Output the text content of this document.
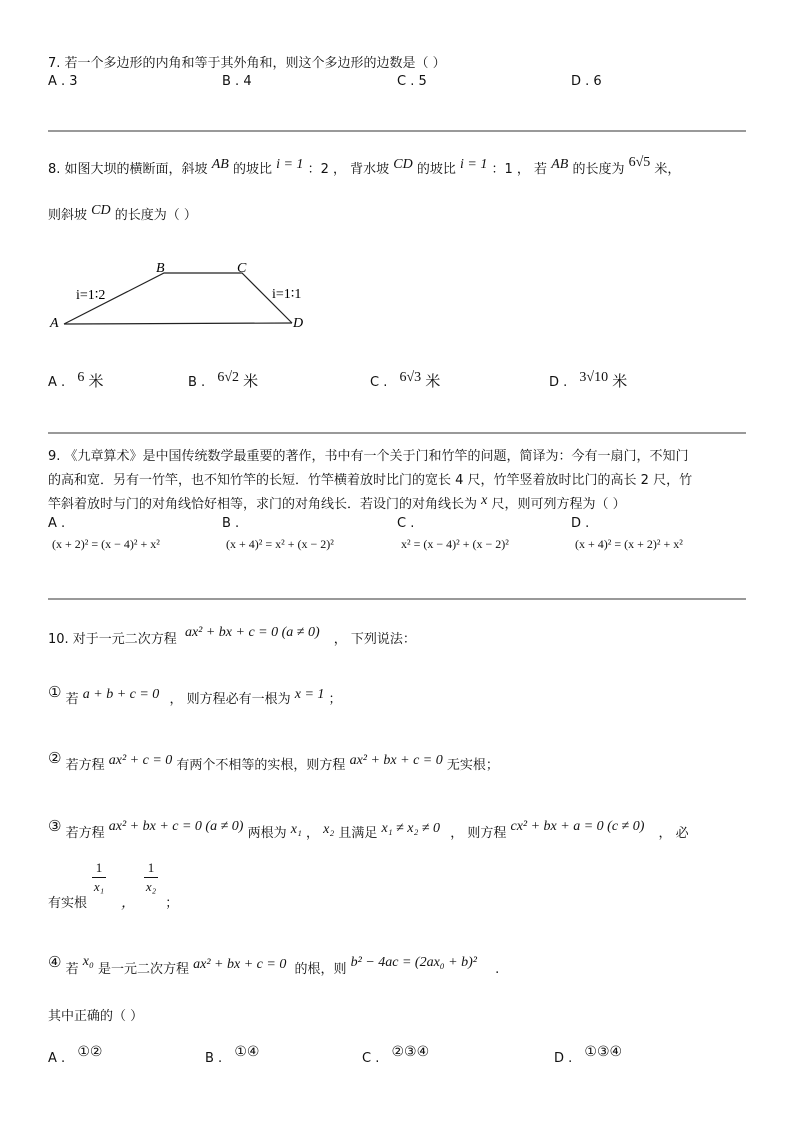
7. 若一个多边形的内角和等于其外角和，则这个多边形的边数是（ ）
A . 3	B . 4	C . 5	D . 6
8. 如图大坝的横断面，斜坡 AB 的坡比 i = 1 ：2 ， 背水坡 CD 的坡比 i = 1 ：1 ， 若 AB 的长度为 6√5 米，
则斜坡 CD 的长度为（ ）
A
B	C
D
i=1∶2	i=1∶1
A . 6 米	B . 6√2 米	C . 6√3 米	D . 3√10 米
9. 《九章算术》是中国传统数学最重要的著作，书中有一个关于门和竹竿的问题，简译为：今有一扇门，不知门
的高和宽．另有一竹竿，也不知竹竿的长短．竹竿横着放时比门的宽长 4 尺，竹竿竖着放时比门的高长 2 尺，竹
竿斜着放时与门的对角线恰好相等，求门的对角线长．若设门的对角线长为 x 尺，则可列方程为（ ）
A .
(x + 2)² = (x − 4)² + x²
B .
(x + 4)² = x² + (x − 2)²
C .
x² = (x − 4)² + (x − 2)²
D .
(x + 4)² = (x + 2)² + x²
10. 对于一元二次方程 ax² + bx + c = 0 (a ≠ 0) ， 下列说法：
① 若 a + b + c = 0 ， 则方程必有一根为 x = 1 ；
② 若方程 ax² + c = 0 有两个不相等的实根，则方程 ax² + bx + c = 0 无实根；
③ 若方程 ax² + bx + c = 0 (a ≠ 0) 两根为 x₁ ， x₂ 且满足 x₁ ≠ x₂ ≠ 0 ， 则方程 cx² + bx + a = 0 (c ≠ 0) ， 必
有实根 ， ；
1
x₁
1
x₂
④ 若 x₀ 是一元二次方程 ax² + bx + c = 0 的根，则 b² − 4ac = (2ax₀ + b)² .
其中正确的（ ）
A . ①②	B . ①④	C . ②③④	D . ①③④
